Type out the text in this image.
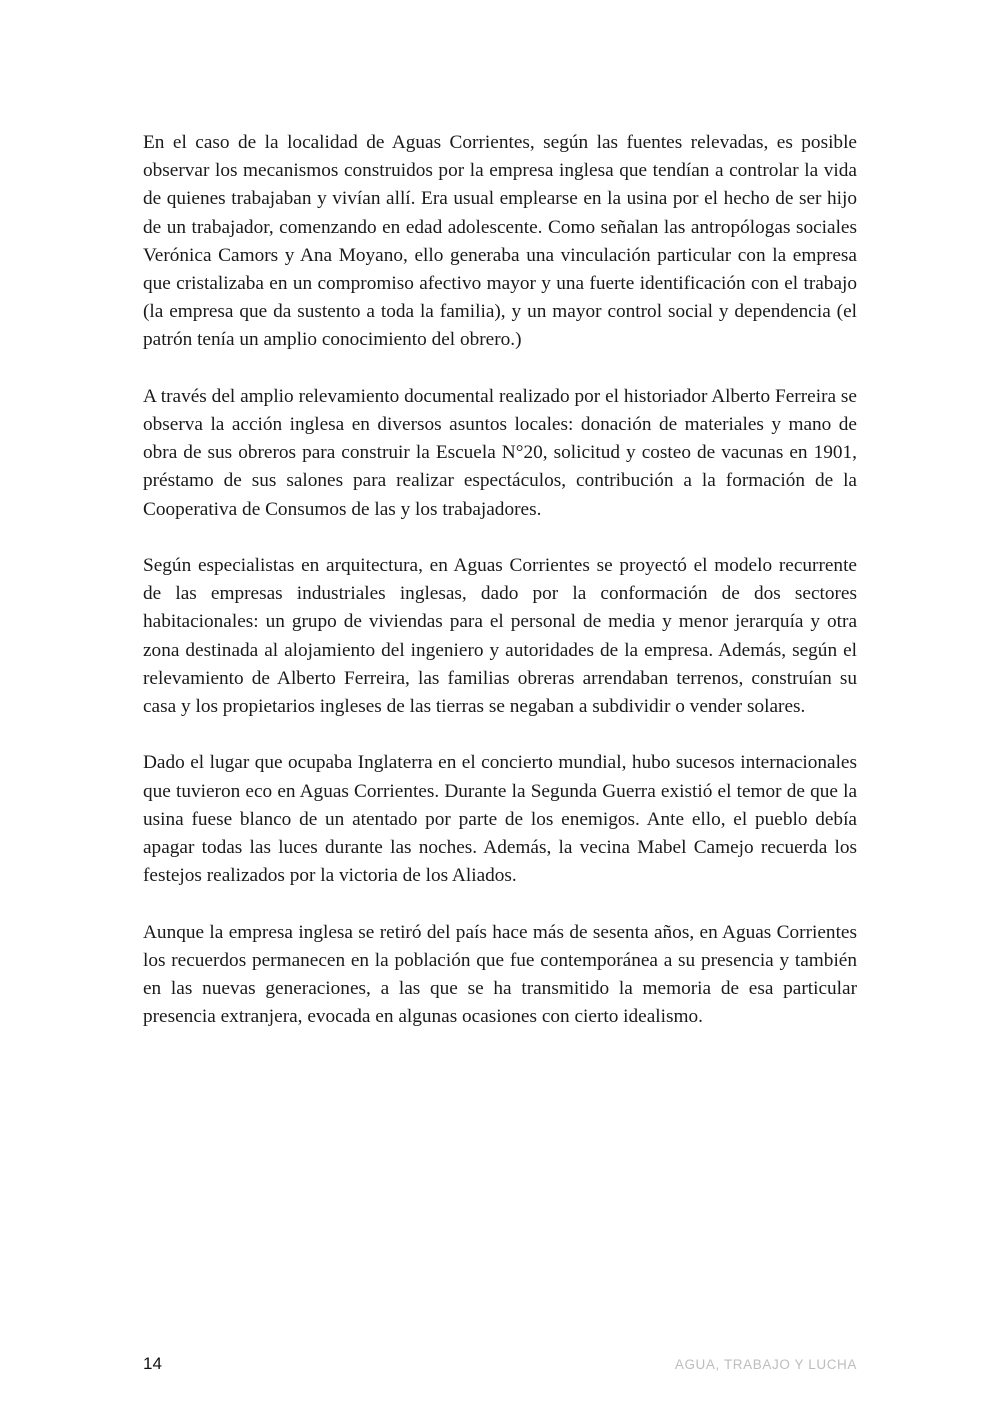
En el caso de la localidad de Aguas Corrientes, según las fuentes relevadas, es posible observar los mecanismos construidos por la empresa inglesa que tendían a controlar la vida de quienes trabajaban y vivían allí. Era usual emplearse en la usina por el hecho de ser hijo de un trabajador, comenzando en edad adolescente. Como señalan las antropólogas sociales Verónica Camors y Ana Moyano, ello generaba una vinculación particular con la empresa que cristalizaba en un compromiso afectivo mayor y una fuerte identificación con el trabajo (la empresa que da sustento a toda la familia), y un mayor control social y dependencia (el patrón tenía un amplio conocimiento del obrero.)

A través del amplio relevamiento documental realizado por el historiador Alberto Ferreira se observa la acción inglesa en diversos asuntos locales: donación de materiales y mano de obra de sus obreros para construir la Escuela N°20, solicitud y costeo de vacunas en 1901, préstamo de sus salones para realizar espectáculos, contribución a la formación de la Cooperativa de Consumos de las y los trabajadores.

Según especialistas en arquitectura, en Aguas Corrientes se proyectó el modelo recurrente de las empresas industriales inglesas, dado por la conformación de dos sectores habitacionales: un grupo de viviendas para el personal de media y menor jerarquía y otra zona destinada al alojamiento del ingeniero y autoridades de la empresa. Además, según el relevamiento de Alberto Ferreira, las familias obreras arrendaban terrenos, construían su casa y los propietarios ingleses de las tierras se negaban a subdividir o vender solares.

Dado el lugar que ocupaba Inglaterra en el concierto mundial, hubo sucesos internacionales que tuvieron eco en Aguas Corrientes. Durante la Segunda Guerra existió el temor de que la usina fuese blanco de un atentado por parte de los enemigos. Ante ello, el pueblo debía apagar todas las luces durante las noches. Además, la vecina Mabel Camejo recuerda los festejos realizados por la victoria de los Aliados.

Aunque la empresa inglesa se retiró del país hace más de sesenta años, en Aguas Corrientes los recuerdos permanecen en la población que fue contemporánea a su presencia y también en las nuevas generaciones, a las que se ha transmitido la memoria de esa particular presencia extranjera, evocada en algunas ocasiones con cierto idealismo.

14	AGUA, TRABAJO Y LUCHA
